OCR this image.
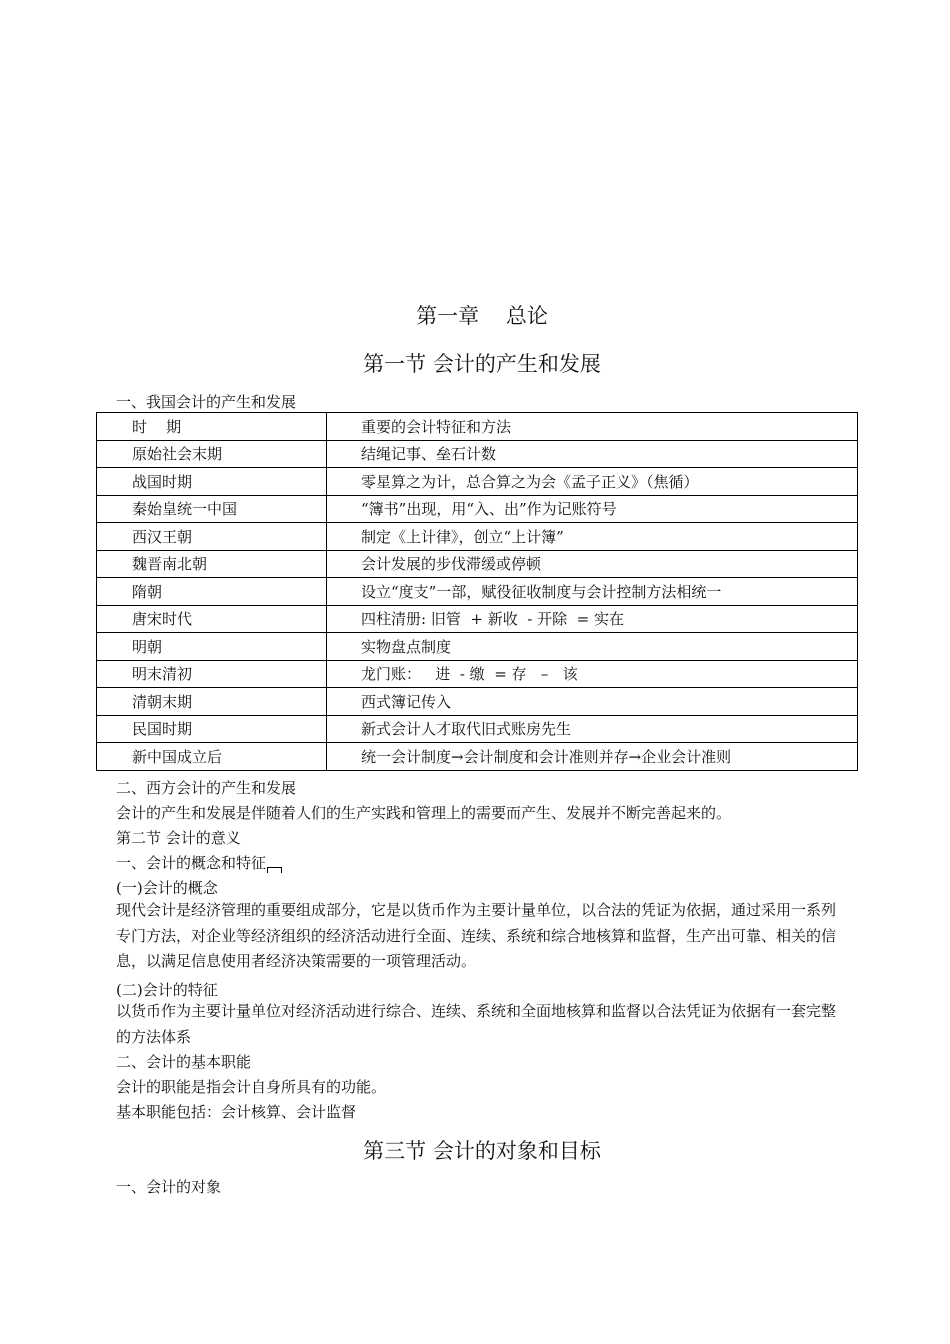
第一章    总论
第一节 会计的产生和发展
一、我国会计的产生和发展
时    期	重要的会计特征和方法
原始社会末期	结绳记事、垒石计数
战国时期	零星算之为计，总合算之为会《孟子正义》（焦循）
秦始皇统一中国	“簿书”出现，用“入、出”作为记账符号
西汉王朝	制定《上计律》，创立“上计簿”
魏晋南北朝	会计发展的步伐滞缓或停顿
隋朝	设立“度支”一部，赋役征收制度与会计控制方法相统一
唐宋时代	四柱清册: 旧管  + 新收  - 开除  = 实在
明朝	实物盘点制度
明末清初	龙门账：   进  - 缴  = 存   –   该
清朝末期	西式簿记传入
民国时期	新式会计人才取代旧式账房先生
新中国成立后	统一会计制度→会计制度和会计准则并存→企业会计准则
二、西方会计的产生和发展
会计的产生和发展是伴随着人们的生产实践和管理上的需要而产生、发展并不断完善起来的。
第二节 会计的意义
一、会计的概念和特征
(一)会计的概念
现代会计是经济管理的重要组成部分，它是以货币作为主要计量单位，以合法的凭证为依据，通过采用一系列专门方法，对企业等经济组织的经济活动进行全面、连续、系统和综合地核算和监督，生产出可靠、相关的信息，以满足信息使用者经济决策需要的一项管理活动。
(二)会计的特征
以货币作为主要计量单位对经济活动进行综合、连续、系统和全面地核算和监督以合法凭证为依据有一套完整的方法体系
二、会计的基本职能
会计的职能是指会计自身所具有的功能。
基本职能包括：会计核算、会计监督
第三节 会计的对象和目标
一、会计的对象
